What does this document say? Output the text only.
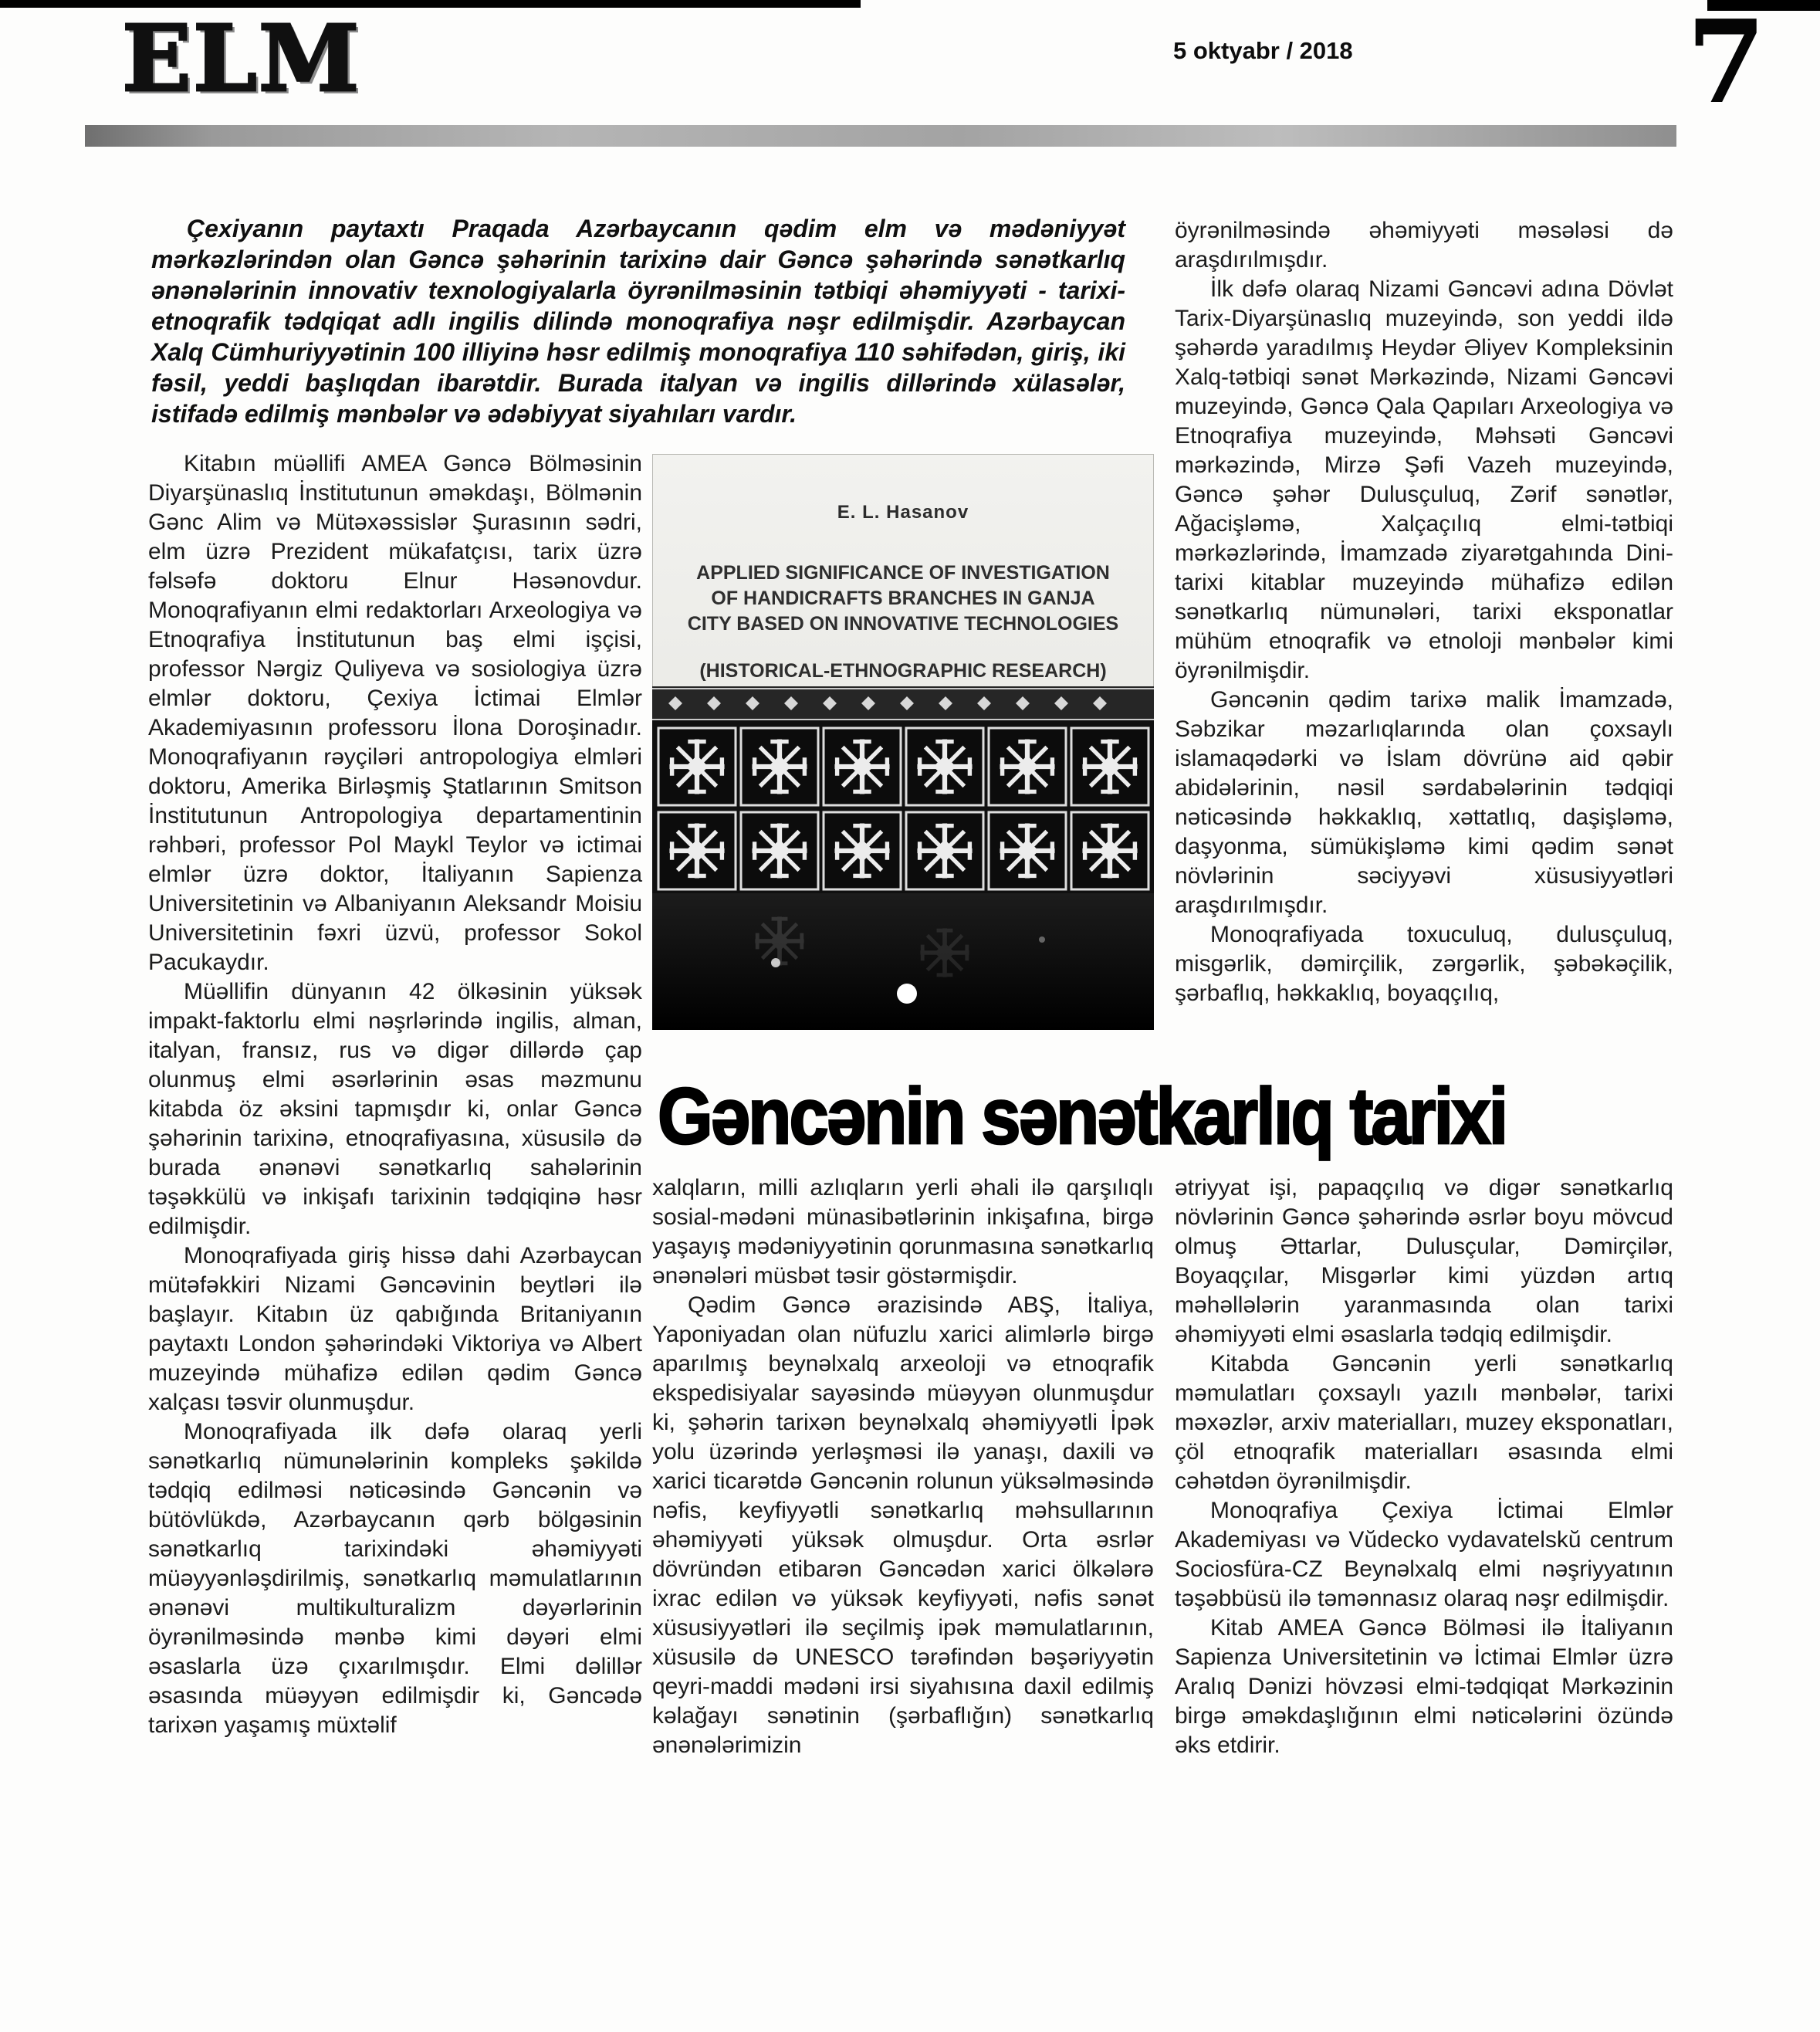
ELM	5 oktyabr / 2018	7
Çexiyanın paytaxtı Praqada Azərbaycanın qədim elm və mədəniyyət mərkəzlərindən olan Gəncə şəhərinin tarixinə dair Gəncə şəhərində sənətkarlıq ənənələrinin innovativ texnologiyalarla öyrənilməsinin tətbiqi əhəmiyyəti - tarixi-etnoqrafik tədqiqat adlı ingilis dilində monoqrafiya nəşr edilmişdir. Azərbaycan Xalq Cümhuriyyətinin 100 illiyinə həsr edilmiş monoqrafiya 110 səhifədən, giriş, iki fəsil, yeddi başlıqdan ibarətdir. Burada italyan və ingilis dillərində xülasələr, istifadə edilmiş mənbələr və ədəbiyyat siyahıları vardır.

öyrənilməsində əhəmiyyəti məsələsi də araşdırılmışdır.

İlk dəfə olaraq Nizami Gəncəvi adına Dövlət Tarix-Diyarşünaslıq muzeyində, son yeddi ildə şəhərdə yaradılmış Heydər Əliyev Kompleksinin Xalq-tətbiqi sənət Mərkəzində, Nizami Gəncəvi muzeyində, Gəncə Qala Qapıları Arxeologiya və Etnoqrafiya muzeyində, Məhsəti Gəncəvi mərkəzində, Mirzə Şəfi Vazeh muzeyində, Gəncə şəhər Dulusçuluq, Zərif sənətlər, Ağacişləmə, Xalçaçılıq elmi-tətbiqi mərkəzlərində, İmamzadə ziyarətgahında Dini-tarixi kitablar muzeyində mühafizə edilən sənətkarlıq nümunələri, tarixi eksponatlar mühüm etnoqrafik və etnoloji mənbələr kimi öyrənilmişdir.

Gəncənin qədim tarixə malik İmamzadə, Səbzikar məzarlıqlarında olan çoxsaylı islamaqədərki və İslam dövrünə aid qəbir abidələrinin, nəsil sərdabələrinin tədqiqi nəticəsində həkkaklıq, xəttatlıq, daşişləmə, daşyonma, sümükişləmə kimi qədim sənət növlərinin səciyyəvi xüsusiyyətləri araşdırılmışdır.

Monoqrafiyada toxuculuq, dulusçuluq, misgərlik, dəmirçilik, zərgərlik, şəbəkəçilik, şərbaflıq, həkkaklıq, boyaqçılıq,

Kitabın müəllifi AMEA Gəncə Bölməsinin Diyarşünaslıq İnstitutunun əməkdaşı, Bölmənin Gənc Alim və Mütəxəssislər Şurasının sədri, elm üzrə Prezident mükafatçısı, tarix üzrə fəlsəfə doktoru Elnur Həsənovdur. Monoqrafiyanın elmi redaktorları Arxeologiya və Etnoqrafiya İnstitutunun baş elmi işçisi, professor Nərgiz Quliyeva və sosiologiya üzrə elmlər doktoru, Çexiya İctimai Elmlər Akademiyasının professoru İlona Doroşinadır. Monoqrafiyanın rəyçiləri antropologiya elmləri doktoru, Amerika Birləşmiş Ştatlarının Smitson İnstitutunun Antropologiya departamentinin rəhbəri, professor Pol Maykl Teylor və ictimai elmlər üzrə doktor, İtaliyanın Sapienza Universitetinin və Albaniyanın Aleksandr Moisiu Universitetinin fəxri üzvü, professor Sokol Pacukaydır.

Müəllifin dünyanın 42 ölkəsinin yüksək impakt-faktorlu elmi nəşrlərində ingilis, alman, italyan, fransız, rus və digər dillərdə çap olunmuş elmi əsərlərinin əsas məzmunu kitabda öz əksini tapmışdır ki, onlar Gəncə şəhərinin tarixinə, etnoqrafiyasına, xüsusilə də burada ənənəvi sənətkarlıq sahələrinin təşəkkülü və inkişafı tarixinin tədqiqinə həsr edilmişdir.

Monoqrafiyada giriş hissə dahi Azərbaycan mütəfəkkiri Nizami Gəncəvinin beytləri ilə başlayır. Kitabın üz qabığında Britaniyanın paytaxtı London şəhərindəki Viktoriya və Albert muzeyində mühafizə edilən qədim Gəncə xalçası təsvir olunmuşdur.

Monoqrafiyada ilk dəfə olaraq yerli sənətkarlıq nümunələrinin kompleks şəkildə tədqiq edilməsi nəticəsində Gəncənin və bütövlükdə, Azərbaycanın qərb bölgəsinin sənətkarlıq tarixindəki əhəmiyyəti müəyyənləşdirilmiş, sənətkarlıq məmulatlarının ənənəvi multikulturalizm dəyərlərinin öyrənilməsində mənbə kimi dəyəri elmi əsaslarla üzə çıxarılmışdır. Elmi dəlillər əsasında müəyyən edilmişdir ki, Gəncədə tarixən yaşamış müxtəlif

E. L. Hasanov
APPLIED SIGNIFICANCE OF INVESTIGATION OF HANDICRAFTS BRANCHES IN GANJA CITY BASED ON INNOVATIVE TECHNOLOGIES
(HISTORICAL-ETHNOGRAPHIC RESEARCH)
Gəncənin sənətkarlıq tarixi

xalqların, milli azlıqların yerli əhali ilə qarşılıqlı sosial-mədəni münasibətlərinin inkişafına, birgə yaşayış mədəniyyətinin qorunmasına sənətkarlıq ənənələri müsbət təsir göstərmişdir.

Qədim Gəncə ərazisində ABŞ, İtaliya, Yaponiyadan olan nüfuzlu xarici alimlərlə birgə aparılmış beynəlxalq arxeoloji və etnoqrafik ekspedisiyalar sayəsində müəyyən olunmuşdur ki, şəhərin tarixən beynəlxalq əhəmiyyətli İpək yolu üzərində yerləşməsi ilə yanaşı, daxili və xarici ticarətdə Gəncənin rolunun yüksəlməsində nəfis, keyfiyyətli sənətkarlıq məhsullarının əhəmiyyəti yüksək olmuşdur. Orta əsrlər dövründən etibarən Gəncədən xarici ölkələrə ixrac edilən və yüksək keyfiyyəti, nəfis sənət xüsusiyyətləri ilə seçilmiş ipək məmulatlarının, xüsusilə də UNESCO tərəfindən bəşəriyyətin qeyri-maddi mədəni irsi siyahısına daxil edilmiş kəlağayı sənətinin (şərbaflığın) sənətkarlıq ənənələrimizin

ətriyyat işi, papaqçılıq və digər sənətkarlıq növlərinin Gəncə şəhərində əsrlər boyu mövcud olmuş Əttarlar, Dulusçular, Dəmirçilər, Boyaqçılar, Misgərlər kimi yüzdən artıq məhəllələrin yaranmasında olan tarixi əhəmiyyəti elmi əsaslarla tədqiq edilmişdir.

Kitabda Gəncənin yerli sənətkarlıq məmulatları çoxsaylı yazılı mənbələr, tarixi məxəzlər, arxiv materialları, muzey eksponatları, çöl etnoqrafik materialları əsasında elmi cəhətdən öyrənilmişdir.

Monoqrafiya Çexiya İctimai Elmlər Akademiyası və Vŭdecko vydavatelskŭ centrum Sociosfüra-CZ Beynəlxalq elmi nəşriyyatının təşəbbüsü ilə təmənnasız olaraq nəşr edilmişdir.

Kitab AMEA Gəncə Bölməsi ilə İtaliyanın Sapienza Universitetinin və İctimai Elmlər üzrə Aralıq Dənizi hövzəsi elmi-tədqiqat Mərkəzinin birgə əməkdaşlığının elmi nəticələrini özündə əks etdirir.
